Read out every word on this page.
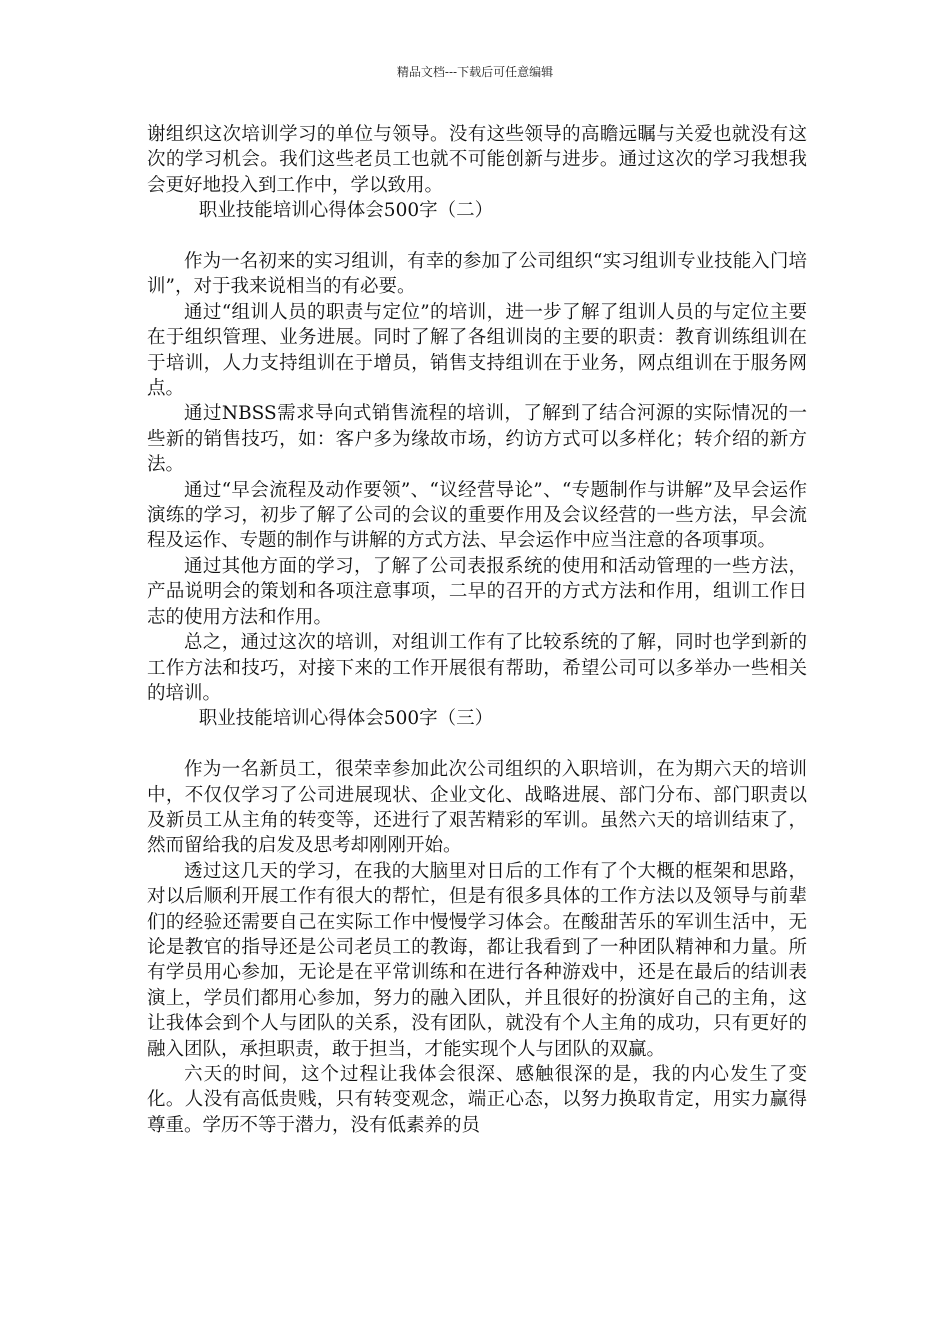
精品文档---下载后可任意编辑

谢组织这次培训学习的单位与领导。没有这些领导的高瞻远瞩与关爱也就没有这次的学习机会。我们这些老员工也就不可能创新与进步。通过这次的学习我想我会更好地投入到工作中，学以致用。

职业技能培训心得体会500字（二）

作为一名初来的实习组训，有幸的参加了公司组织“实习组训专业技能入门培训”，对于我来说相当的有必要。

通过“组训人员的职责与定位”的培训，进一步了解了组训人员的与定位主要在于组织管理、业务进展。同时了解了各组训岗的主要的职责：教育训练组训在于培训，人力支持组训在于增员，销售支持组训在于业务，网点组训在于服务网点。

通过NBSS需求导向式销售流程的培训，了解到了结合河源的实际情况的一些新的销售技巧，如：客户多为缘故市场，约访方式可以多样化；转介绍的新方法。

通过“早会流程及动作要领”、“议经营导论”、“专题制作与讲解”及早会运作演练的学习，初步了解了公司的会议的重要作用及会议经营的一些方法，早会流程及运作、专题的制作与讲解的方式方法、早会运作中应当注意的各项事项。

通过其他方面的学习，了解了公司表报系统的使用和活动管理的一些方法，产品说明会的策划和各项注意事项，二早的召开的方式方法和作用，组训工作日志的使用方法和作用。

总之，通过这次的培训，对组训工作有了比较系统的了解，同时也学到新的工作方法和技巧，对接下来的工作开展很有帮助，希望公司可以多举办一些相关的培训。

职业技能培训心得体会500字（三）

作为一名新员工，很荣幸参加此次公司组织的入职培训，在为期六天的培训中，不仅仅学习了公司进展现状、企业文化、战略进展、部门分布、部门职责以及新员工从主角的转变等，还进行了艰苦精彩的军训。虽然六天的培训结束了，然而留给我的启发及思考却刚刚开始。

透过这几天的学习，在我的大脑里对日后的工作有了个大概的框架和思路，对以后顺利开展工作有很大的帮忙，但是有很多具体的工作方法以及领导与前辈们的经验还需要自己在实际工作中慢慢学习体会。在酸甜苦乐的军训生活中，无论是教官的指导还是公司老员工的教诲，都让我看到了一种团队精神和力量。所有学员用心参加，无论是在平常训练和在进行各种游戏中，还是在最后的结训表演上，学员们都用心参加，努力的融入团队，并且很好的扮演好自己的主角，这让我体会到个人与团队的关系，没有团队，就没有个人主角的成功，只有更好的融入团队，承担职责，敢于担当，才能实现个人与团队的双赢。

六天的时间，这个过程让我体会很深、感触很深的是，我的内心发生了变化。人没有高低贵贱，只有转变观念，端正心态，以努力换取肯定，用实力赢得尊重。学历不等于潜力，没有低素养的员
